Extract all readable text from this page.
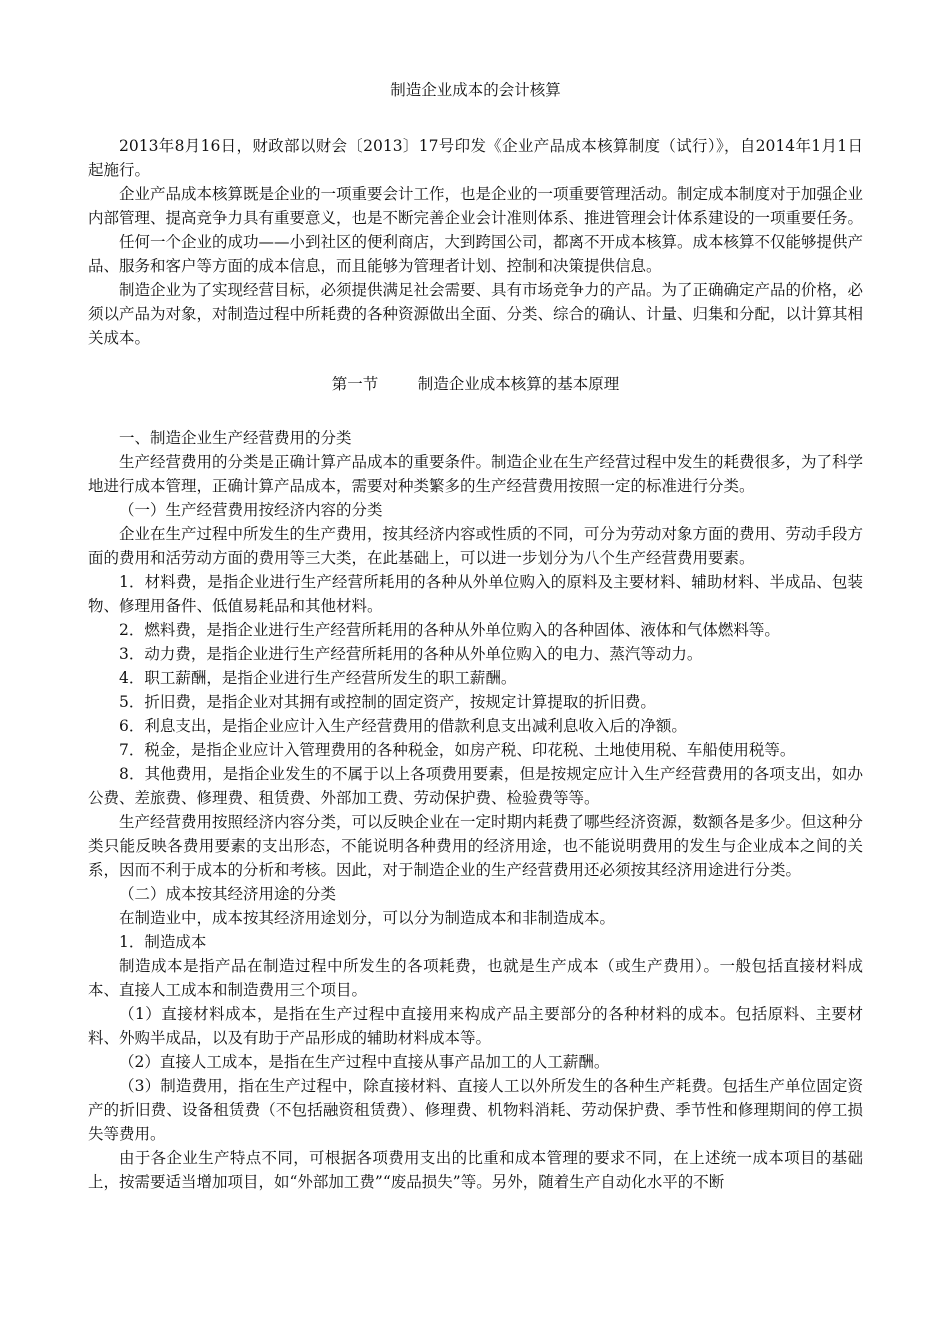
制造企业成本的会计核算

2013年8月16日，财政部以财会〔2013〕17号印发《企业产品成本核算制度（试行）》，自2014年1月1日起施行。

企业产品成本核算既是企业的一项重要会计工作，也是企业的一项重要管理活动。制定成本制度对于加强企业内部管理、提高竞争力具有重要意义，也是不断完善企业会计准则体系、推进管理会计体系建设的一项重要任务。

任何一个企业的成功——小到社区的便利商店，大到跨国公司，都离不开成本核算。成本核算不仅能够提供产品、服务和客户等方面的成本信息，而且能够为管理者计划、控制和决策提供信息。

制造企业为了实现经营目标，必须提供满足社会需要、具有市场竞争力的产品。为了正确确定产品的价格，必须以产品为对象，对制造过程中所耗费的各种资源做出全面、分类、综合的确认、计量、归集和分配，以计算其相关成本。

第一节        制造企业成本核算的基本原理

一、制造企业生产经营费用的分类

生产经营费用的分类是正确计算产品成本的重要条件。制造企业在生产经营过程中发生的耗费很多，为了科学地进行成本管理，正确计算产品成本，需要对种类繁多的生产经营费用按照一定的标准进行分类。

（一）生产经营费用按经济内容的分类

企业在生产过程中所发生的生产费用，按其经济内容或性质的不同，可分为劳动对象方面的费用、劳动手段方面的费用和活劳动方面的费用等三大类，在此基础上，可以进一步划分为八个生产经营费用要素。

1．材料费，是指企业进行生产经营所耗用的各种从外单位购入的原料及主要材料、辅助材料、半成品、包装物、修理用备件、低值易耗品和其他材料。

2．燃料费，是指企业进行生产经营所耗用的各种从外单位购入的各种固体、液体和气体燃料等。

3．动力费，是指企业进行生产经营所耗用的各种从外单位购入的电力、蒸汽等动力。

4．职工薪酬，是指企业进行生产经营所发生的职工薪酬。

5．折旧费，是指企业对其拥有或控制的固定资产，按规定计算提取的折旧费。

6．利息支出，是指企业应计入生产经营费用的借款利息支出减利息收入后的净额。

7．税金，是指企业应计入管理费用的各种税金，如房产税、印花税、土地使用税、车船使用税等。

8．其他费用，是指企业发生的不属于以上各项费用要素，但是按规定应计入生产经营费用的各项支出，如办公费、差旅费、修理费、租赁费、外部加工费、劳动保护费、检验费等等。

生产经营费用按照经济内容分类，可以反映企业在一定时期内耗费了哪些经济资源，数额各是多少。但这种分类只能反映各费用要素的支出形态，不能说明各种费用的经济用途，也不能说明费用的发生与企业成本之间的关系，因而不利于成本的分析和考核。因此，对于制造企业的生产经营费用还必须按其经济用途进行分类。

（二）成本按其经济用途的分类

在制造业中，成本按其经济用途划分，可以分为制造成本和非制造成本。

1．制造成本

制造成本是指产品在制造过程中所发生的各项耗费，也就是生产成本（或生产费用）。一般包括直接材料成本、直接人工成本和制造费用三个项目。

（1）直接材料成本，是指在生产过程中直接用来构成产品主要部分的各种材料的成本。包括原料、主要材料、外购半成品，以及有助于产品形成的辅助材料成本等。

（2）直接人工成本，是指在生产过程中直接从事产品加工的人工薪酬。

（3）制造费用，指在生产过程中，除直接材料、直接人工以外所发生的各种生产耗费。包括生产单位固定资产的折旧费、设备租赁费（不包括融资租赁费）、修理费、机物料消耗、劳动保护费、季节性和修理期间的停工损失等费用。

由于各企业生产特点不同，可根据各项费用支出的比重和成本管理的要求不同，在上述统一成本项目的基础上，按需要适当增加项目，如“外部加工费”“废品损失”等。另外，随着生产自动化水平的不断
